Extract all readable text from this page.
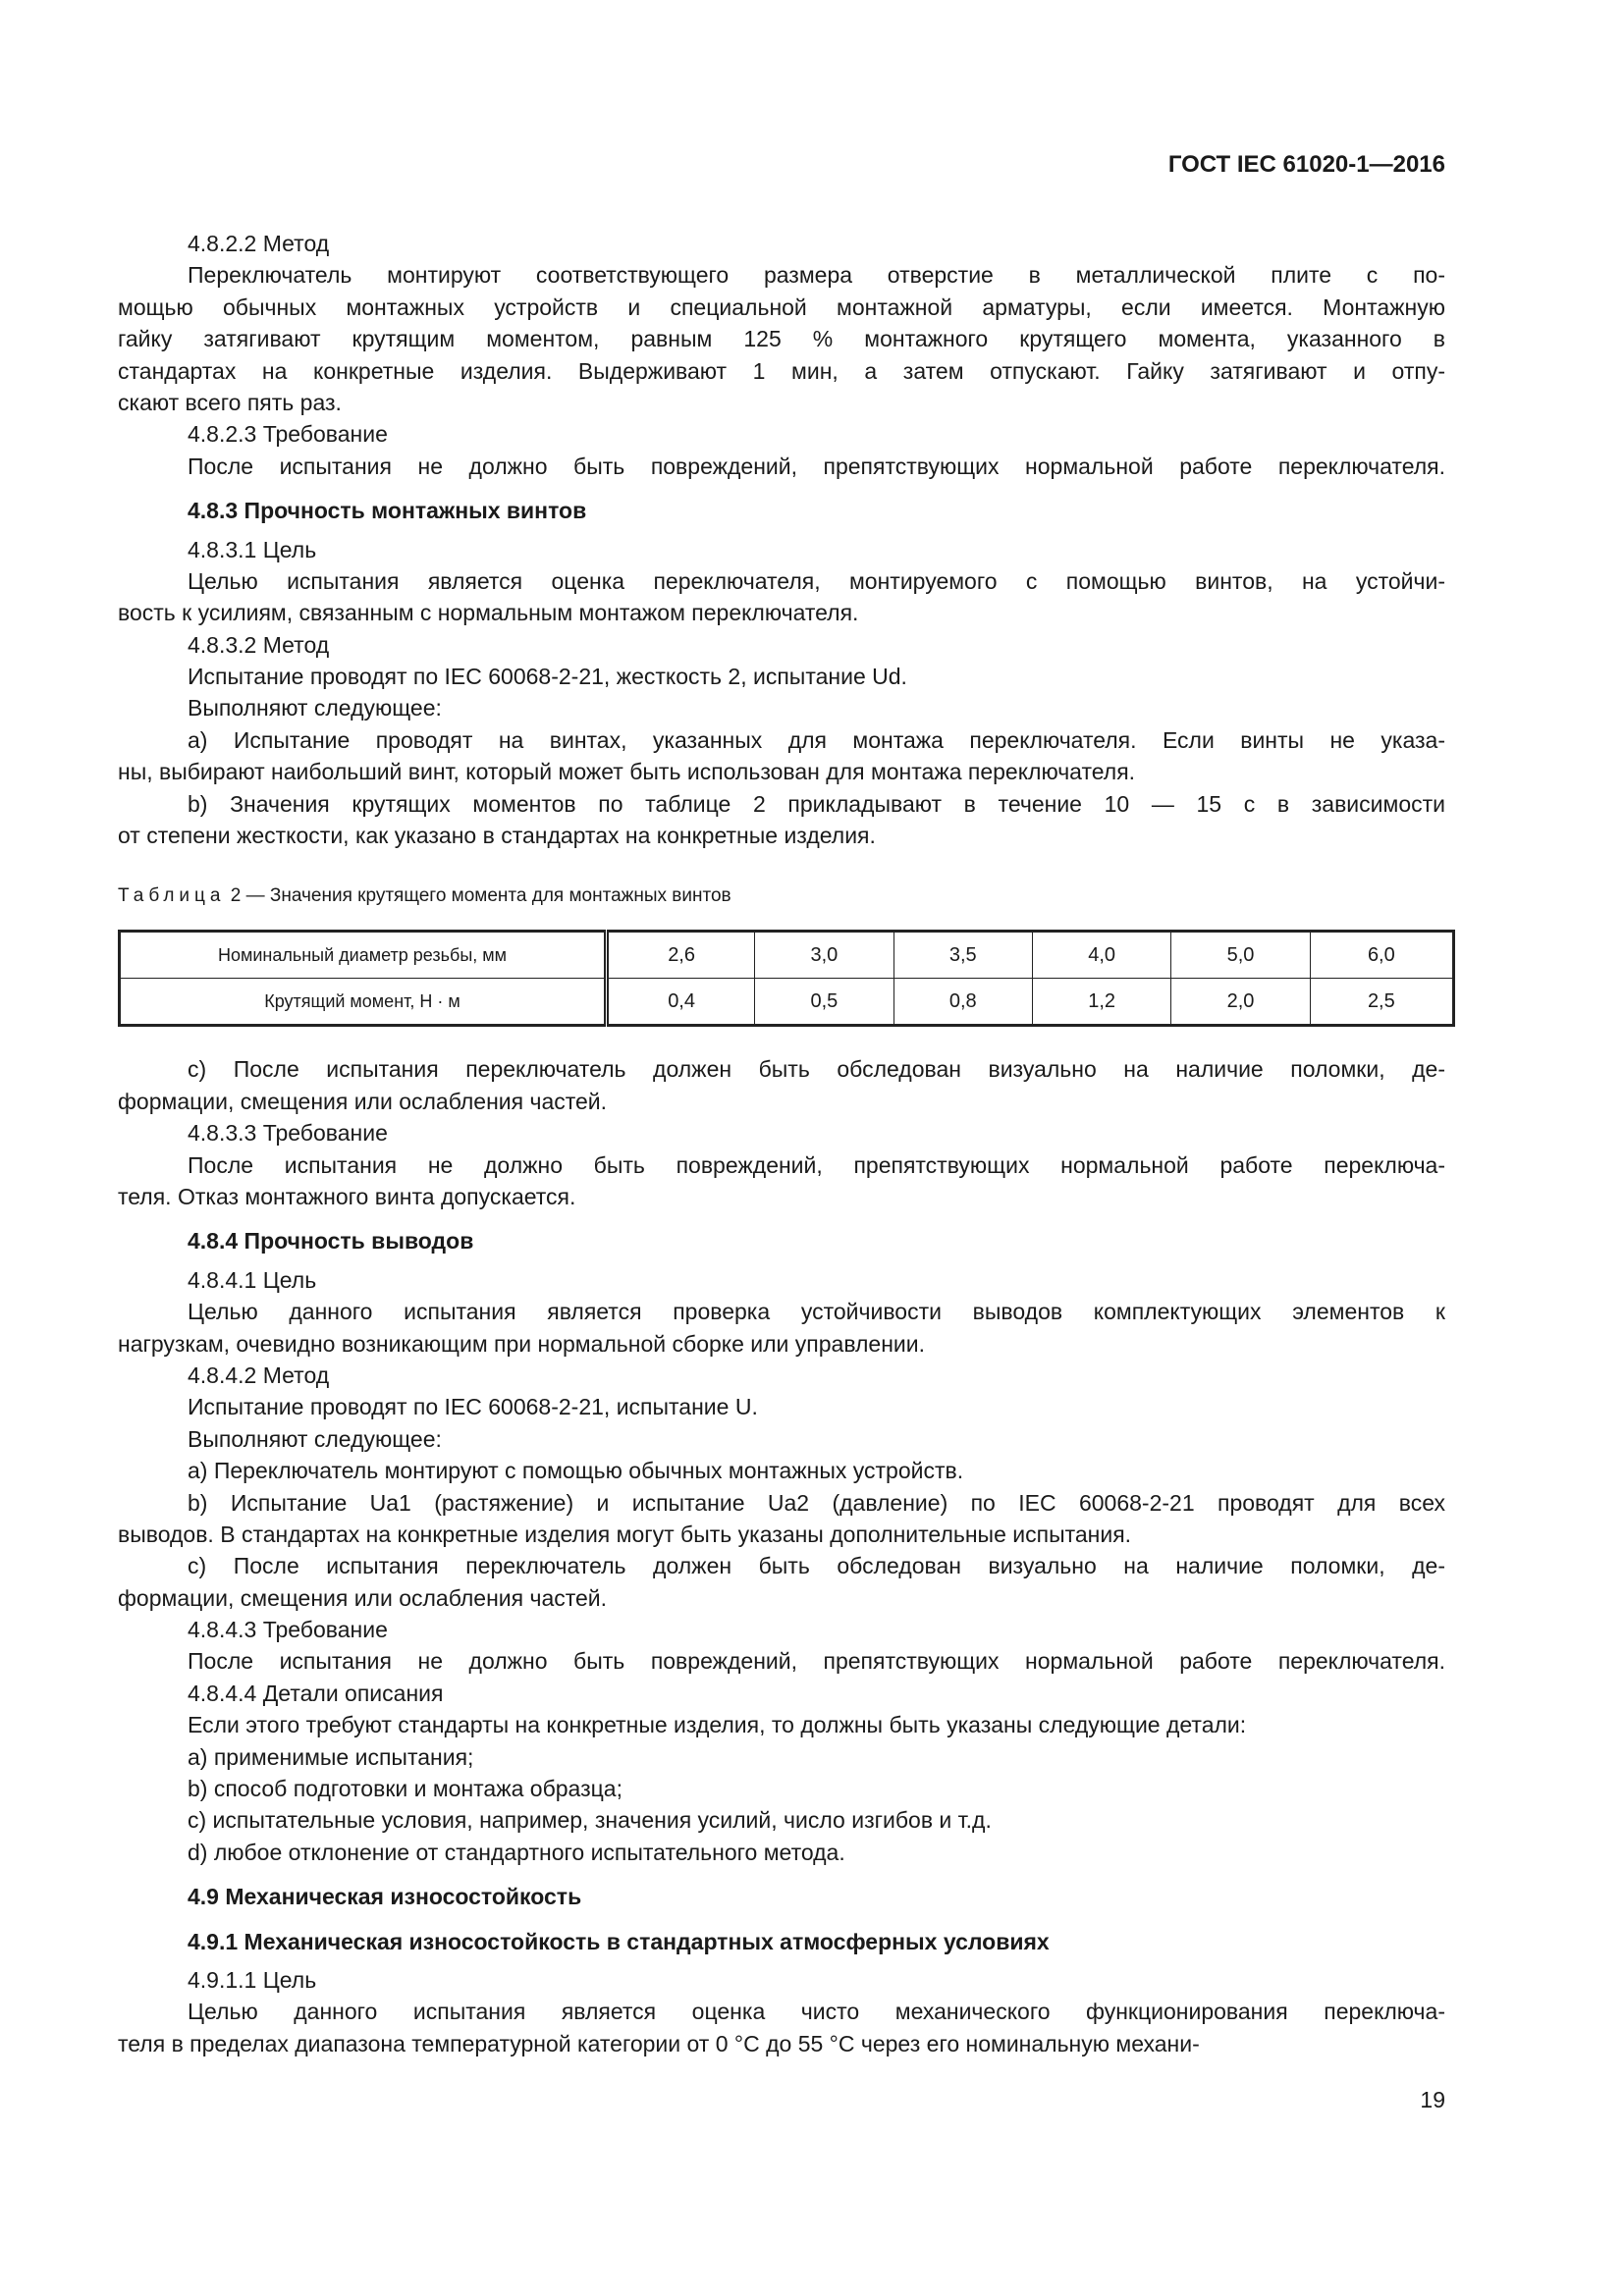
ГОСТ IEC 61020-1—2016
4.8.2.2 Метод
Переключатель монтируют соответствующего размера отверстие в металлической плите с по-
мощью обычных монтажных устройств и специальной монтажной арматуры, если имеется. Монтажную
гайку затягивают крутящим моментом, равным 125 % монтажного крутящего момента, указанного в
стандартах на конкретные изделия. Выдерживают 1 мин, а затем отпускают. Гайку затягивают и отпу-
скают всего пять раз.
4.8.2.3 Требование
После испытания не должно быть повреждений, препятствующих нормальной работе переключателя.
4.8.3 Прочность монтажных винтов
4.8.3.1 Цель
Целью испытания является оценка переключателя, монтируемого с помощью винтов, на устойчи-
вость к усилиям, связанным с нормальным монтажом переключателя.
4.8.3.2 Метод
Испытание проводят по IEC 60068-2-21, жесткость 2, испытание Ud.
Выполняют следующее:
a) Испытание проводят на винтах, указанных для монтажа переключателя. Если винты не указа-
ны, выбирают наибольший винт, который может быть использован для монтажа переключателя.
b) Значения крутящих моментов по таблице 2 прикладывают в течение 10 — 15 с в зависимости
от степени жесткости, как указано в стандартах на конкретные изделия.
Таблица 2 — Значения крутящего момента для монтажных винтов
Номинальный диаметр резьбы, мм	2,6	3,0	3,5	4,0	5,0	6,0
Крутящий момент, Н · м	0,4	0,5	0,8	1,2	2,0	2,5
c) После испытания переключатель должен быть обследован визуально на наличие поломки, де-
формации, смещения или ослабления частей.
4.8.3.3 Требование
После испытания не должно быть повреждений, препятствующих нормальной работе переключа-
теля. Отказ монтажного винта допускается.
4.8.4 Прочность выводов
4.8.4.1 Цель
Целью данного испытания является проверка устойчивости выводов комплектующих элементов к
нагрузкам, очевидно возникающим при нормальной сборке или управлении.
4.8.4.2 Метод
Испытание проводят по IEC 60068-2-21, испытание U.
Выполняют следующее:
a) Переключатель монтируют с помощью обычных монтажных устройств.
b) Испытание Ua1 (растяжение) и испытание Ua2 (давление) по IEC 60068-2-21 проводят для всех
выводов. В стандартах на конкретные изделия могут быть указаны дополнительные испытания.
c) После испытания переключатель должен быть обследован визуально на наличие поломки, де-
формации, смещения или ослабления частей.
4.8.4.3 Требование
После испытания не должно быть повреждений, препятствующих нормальной работе переключателя.
4.8.4.4 Детали описания
Если этого требуют стандарты на конкретные изделия, то должны быть указаны следующие детали:
a) применимые испытания;
b) способ подготовки и монтажа образца;
c) испытательные условия, например, значения усилий, число изгибов и т.д.
d) любое отклонение от стандартного испытательного метода.
4.9 Механическая износостойкость
4.9.1 Механическая износостойкость в стандартных атмосферных условиях
4.9.1.1 Цель
Целью данного испытания является оценка чисто механического функционирования переключа-
теля в пределах диапазона температурной категории от 0 °С до 55 °С через его номинальную механи-
19
